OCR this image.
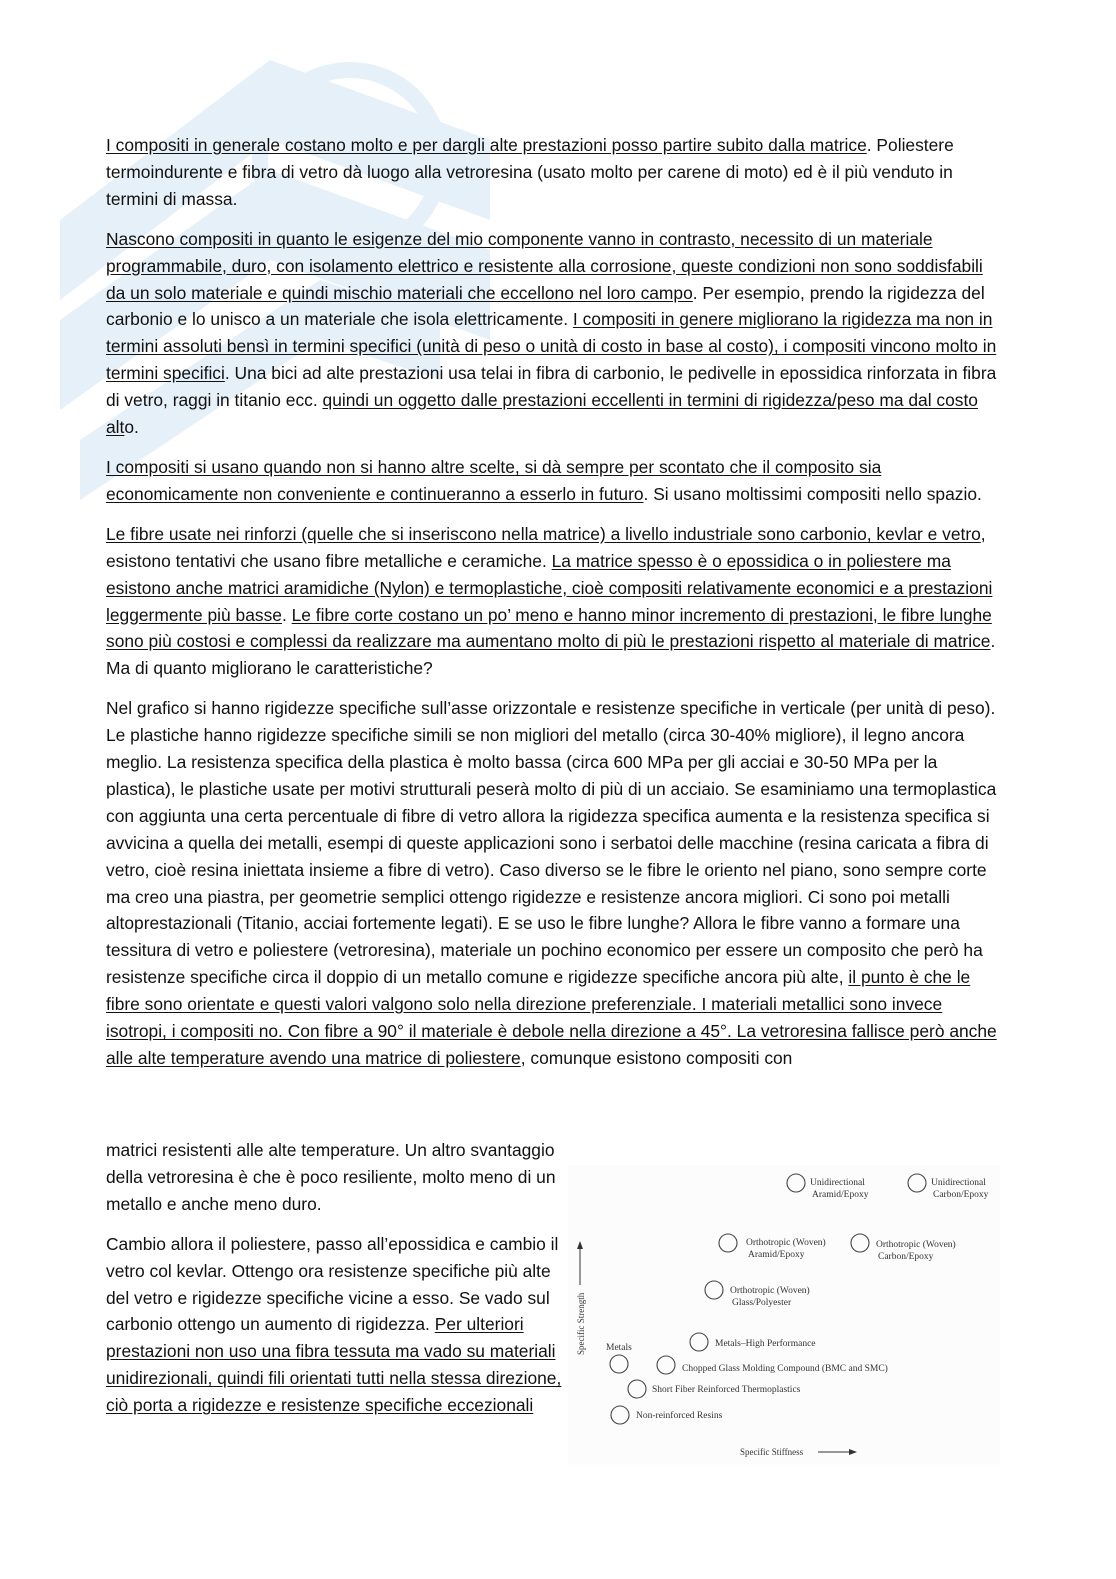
I compositi in generale costano molto e per dargli alte prestazioni posso partire subito dalla matrice. Poliestere termoindurente e fibra di vetro dà luogo alla vetroresina (usato molto per carene di moto) ed è il più venduto in termini di massa.

Nascono compositi in quanto le esigenze del mio componente vanno in contrasto, necessito di un materiale programmabile, duro, con isolamento elettrico e resistente alla corrosione, queste condizioni non sono soddisfabili da un solo materiale e quindi mischio materiali che eccellono nel loro campo. Per esempio, prendo la rigidezza del carbonio e lo unisco a un materiale che isola elettricamente. I compositi in genere migliorano la rigidezza ma non in termini assoluti bensì in termini specifici (unità di peso o unità di costo in base al costo), i compositi vincono molto in termini specifici. Una bici ad alte prestazioni usa telai in fibra di carbonio, le pedivelle in epossidica rinforzata in fibra di vetro, raggi in titanio ecc. quindi un oggetto dalle prestazioni eccellenti in termini di rigidezza/peso ma dal costo alto.

I compositi si usano quando non si hanno altre scelte, si dà sempre per scontato che il composito sia economicamente non conveniente e continueranno a esserlo in futuro. Si usano moltissimi compositi nello spazio.

Le fibre usate nei rinforzi (quelle che si inseriscono nella matrice) a livello industriale sono carbonio, kevlar e vetro, esistono tentativi che usano fibre metalliche e ceramiche. La matrice spesso è o epossidica o in poliestere ma esistono anche matrici aramidiche (Nylon) e termoplastiche, cioè compositi relativamente economici e a prestazioni leggermente più basse. Le fibre corte costano un po’ meno e hanno minor incremento di prestazioni, le fibre lunghe sono più costosi e complessi da realizzare ma aumentano molto di più le prestazioni rispetto al materiale di matrice. Ma di quanto migliorano le caratteristiche?

Nel grafico si hanno rigidezze specifiche sull’asse orizzontale e resistenze specifiche in verticale (per unità di peso). Le plastiche hanno rigidezze specifiche simili se non migliori del metallo (circa 30-40% migliore), il legno ancora meglio. La resistenza specifica della plastica è molto bassa (circa 600 MPa per gli acciai e 30-50 MPa per la plastica), le plastiche usate per motivi strutturali peserà molto di più di un acciaio. Se esaminiamo una termoplastica con aggiunta una certa percentuale di fibre di vetro allora la rigidezza specifica aumenta e la resistenza specifica si avvicina a quella dei metalli, esempi di queste applicazioni sono i serbatoi delle macchine (resina caricata a fibra di vetro, cioè resina iniettata insieme a fibre di vetro). Caso diverso se le fibre le oriento nel piano, sono sempre corte ma creo una piastra, per geometrie semplici ottengo rigidezze e resistenze ancora migliori. Ci sono poi metalli altoprestazionali (Titanio, acciai fortemente legati). E se uso le fibre lunghe? Allora le fibre vanno a formare una tessitura di vetro e poliestere (vetroresina), materiale un pochino economico per essere un composito che però ha resistenze specifiche circa il doppio di un metallo comune e rigidezze specifiche ancora più alte, il punto è che le fibre sono orientate e questi valori valgono solo nella direzione preferenziale. I materiali metallici sono invece isotropi, i compositi no. Con fibre a 90° il materiale è debole nella direzione a 45°. La vetroresina fallisce però anche alle alte temperature avendo una matrice di poliestere, comunque esistono compositi con

matrici resistenti alle alte temperature. Un altro svantaggio della vetroresina è che è poco resiliente, molto meno di un metallo e anche meno duro.

Cambio allora il poliestere, passo all’epossidica e cambio il vetro col kevlar. Ottengo ora resistenze specifiche più alte del vetro e rigidezze specifiche vicine a esso. Se vado sul carbonio ottengo un aumento di rigidezza. Per ulteriori prestazioni non uso una fibra tessuta ma vado su materiali unidirezionali, quindi fili orientati tutti nella stessa direzione, ciò porta a rigidezze e resistenze specifiche eccezionali

Specific Strength
Specific Stiffness
Metals
Unidirectional
Aramid/Epoxy
Unidirectional
Carbon/Epoxy
Orthotropic (Woven)
Aramid/Epoxy
Orthotropic (Woven)
Carbon/Epoxy
Orthotropic (Woven)
Glass/Polyester
Metals–High Performance
Chopped Glass Molding Compound (BMC and SMC)
Short Fiber Reinforced Thermoplastics
Non-reinforced Resins
